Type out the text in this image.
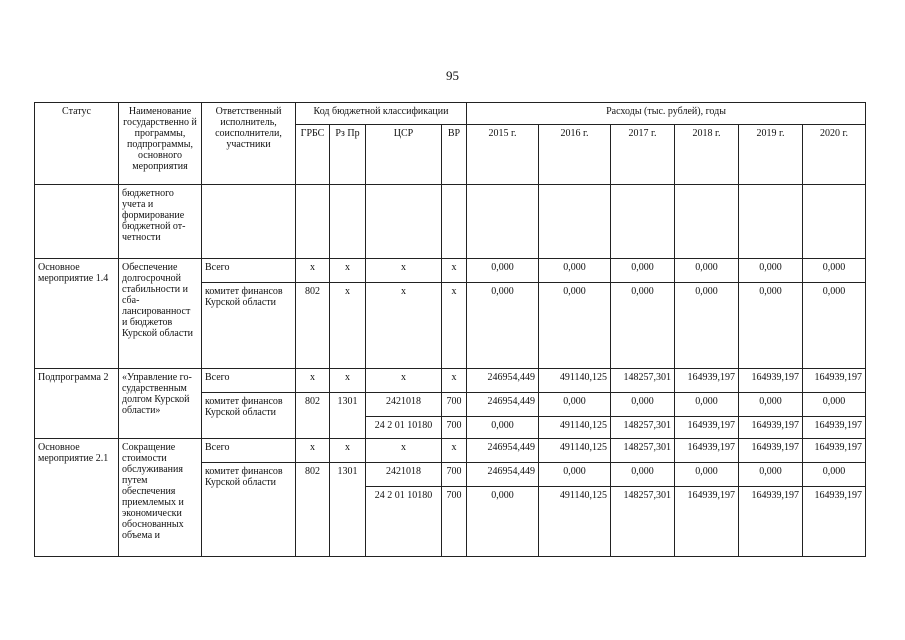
95
Статус	Наименование государственно й программы, подпрограммы, основного мероприятия	Ответственный исполнитель, соисполнители, участники	Код бюджетной классификации				Расходы (тыс. рублей), годы					
			ГРБС	Рз Пр	ЦСР	ВР	2015 г.	2016 г.	2017 г.	2018 г.	2019 г.	2020 г.
	бюджетного учета и формирование бюджетной от-четности											
Основное мероприятие 1.4	Обеспечение долгосрочной стабильности и сба-лансированност и бюджетов Курской области	Всего	х	х	х	х	0,000	0,000	0,000	0,000	0,000	0,000
		комитет финансов Курской области	802	х	х	х	0,000	0,000	0,000	0,000	0,000	0,000
Подпрограмма 2	«Управление го-сударственным долгом Курской области»	Всего	х	х	х	х	246954,449	491140,125	148257,301	164939,197	164939,197	164939,197
		комитет финансов Курской области	802	1301	2421018	700	246954,449	0,000	0,000	0,000	0,000	0,000
					24 2 01 10180	700	0,000	491140,125	148257,301	164939,197	164939,197	164939,197
Основное мероприятие 2.1	Сокращение стоимости обслуживания путем обеспечения приемлемых и экономически обоснованных объема и	Всего	х	х	х	х	246954,449	491140,125	148257,301	164939,197	164939,197	164939,197
		комитет финансов Курской области	802	1301	2421018	700	246954,449	0,000	0,000	0,000	0,000	0,000
					24 2 01 10180	700	0,000	491140,125	148257,301	164939,197	164939,197	164939,197
